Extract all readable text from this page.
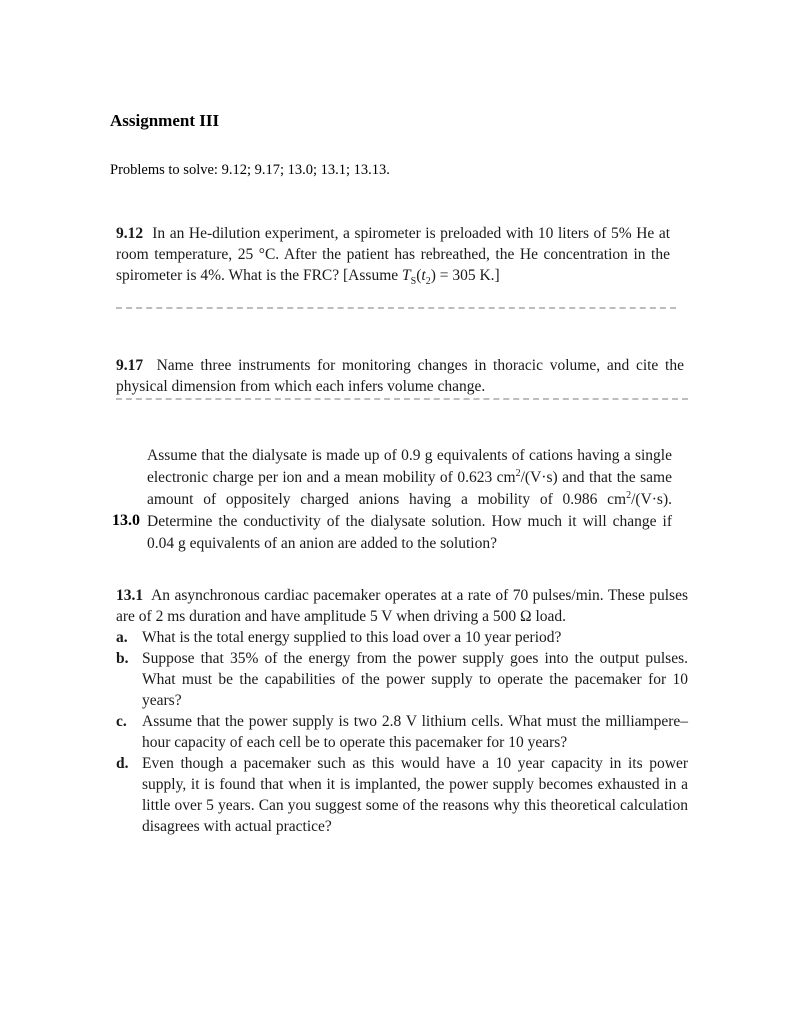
Assignment III
Problems to solve: 9.12; 9.17; 13.0; 13.1; 13.13.
9.12 In an He-dilution experiment, a spirometer is preloaded with 10 liters of 5% He at room temperature, 25 °C. After the patient has rebreathed, the He concentration in the spirometer is 4%. What is the FRC? [Assume $T_S(t_2) = 305$ K.]
9.17 Name three instruments for monitoring changes in thoracic volume, and cite the physical dimension from which each infers volume change.
13.0
Assume that the dialysate is made up of 0.9 g equivalents of cations having a single electronic charge per ion and a mean mobility of 0.623 $cm^2/(V\cdot s)$ and that the same amount of oppositely charged anions having a mobility of 0.986 $cm^2/(V\cdot s)$. Determine the conductivity of the dialysate solution. How much it will change if 0.04 g equivalents of an anion are added to the solution?
13.1 An asynchronous cardiac pacemaker operates at a rate of 70 pulses/min. These pulses are of 2 ms duration and have amplitude 5 V when driving a 500 Ω load.
a. What is the total energy supplied to this load over a 10 year period?
b. Suppose that 35% of the energy from the power supply goes into the output pulses. What must be the capabilities of the power supply to operate the pacemaker for 10 years?
c. Assume that the power supply is two 2.8 V lithium cells. What must the milliampere–hour capacity of each cell be to operate this pacemaker for 10 years?
d. Even though a pacemaker such as this would have a 10 year capacity in its power supply, it is found that when it is implanted, the power supply becomes exhausted in a little over 5 years. Can you suggest some of the reasons why this theoretical calculation disagrees with actual practice?
